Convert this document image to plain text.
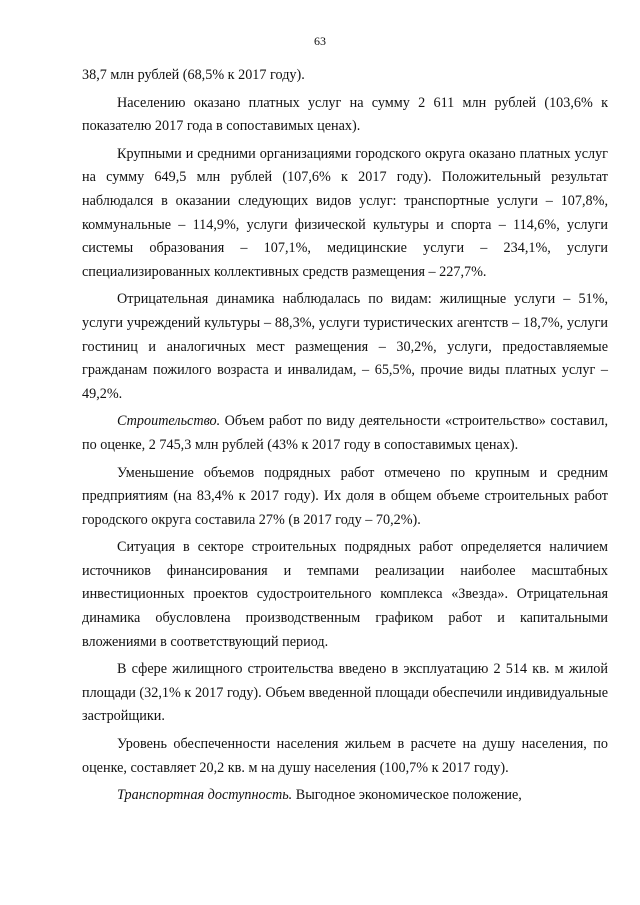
63

38,7 млн рублей (68,5% к 2017 году).

Населению оказано платных услуг на сумму 2 611 млн рублей (103,6% к показателю 2017 года в сопоставимых ценах).

Крупными и средними организациями городского округа оказано платных услуг на сумму 649,5 млн рублей (107,6% к 2017 году). Положительный результат наблюдался в оказании следующих видов услуг: транспортные услуги – 107,8%, коммунальные – 114,9%, услуги физической культуры и спорта – 114,6%, услуги системы образования – 107,1%, медицинские услуги – 234,1%, услуги специализированных коллективных средств размещения – 227,7%.

Отрицательная динамика наблюдалась по видам: жилищные услуги – 51%, услуги учреждений культуры – 88,3%, услуги туристических агентств – 18,7%, услуги гостиниц и аналогичных мест размещения – 30,2%, услуги, предоставляемые гражданам пожилого возраста и инвалидам, – 65,5%, прочие виды платных услуг – 49,2%.

Строительство. Объем работ по виду деятельности «строительство» составил, по оценке, 2 745,3 млн рублей (43% к 2017 году в сопоставимых ценах).

Уменьшение объемов подрядных работ отмечено по крупным и средним предприятиям (на 83,4% к 2017 году). Их доля в общем объеме строительных работ городского округа составила 27% (в 2017 году – 70,2%).

Ситуация в секторе строительных подрядных работ определяется наличием источников финансирования и темпами реализации наиболее масштабных инвестиционных проектов судостроительного комплекса «Звезда». Отрицательная динамика обусловлена производственным графиком работ и капитальными вложениями в соответствующий период.

В сфере жилищного строительства введено в эксплуатацию 2 514 кв. м жилой площади (32,1% к 2017 году). Объем введенной площади обеспечили индивидуальные застройщики.

Уровень обеспеченности населения жильем в расчете на душу населения, по оценке, составляет 20,2 кв. м на душу населения (100,7% к 2017 году).

Транспортная доступность. Выгодное экономическое положение,
